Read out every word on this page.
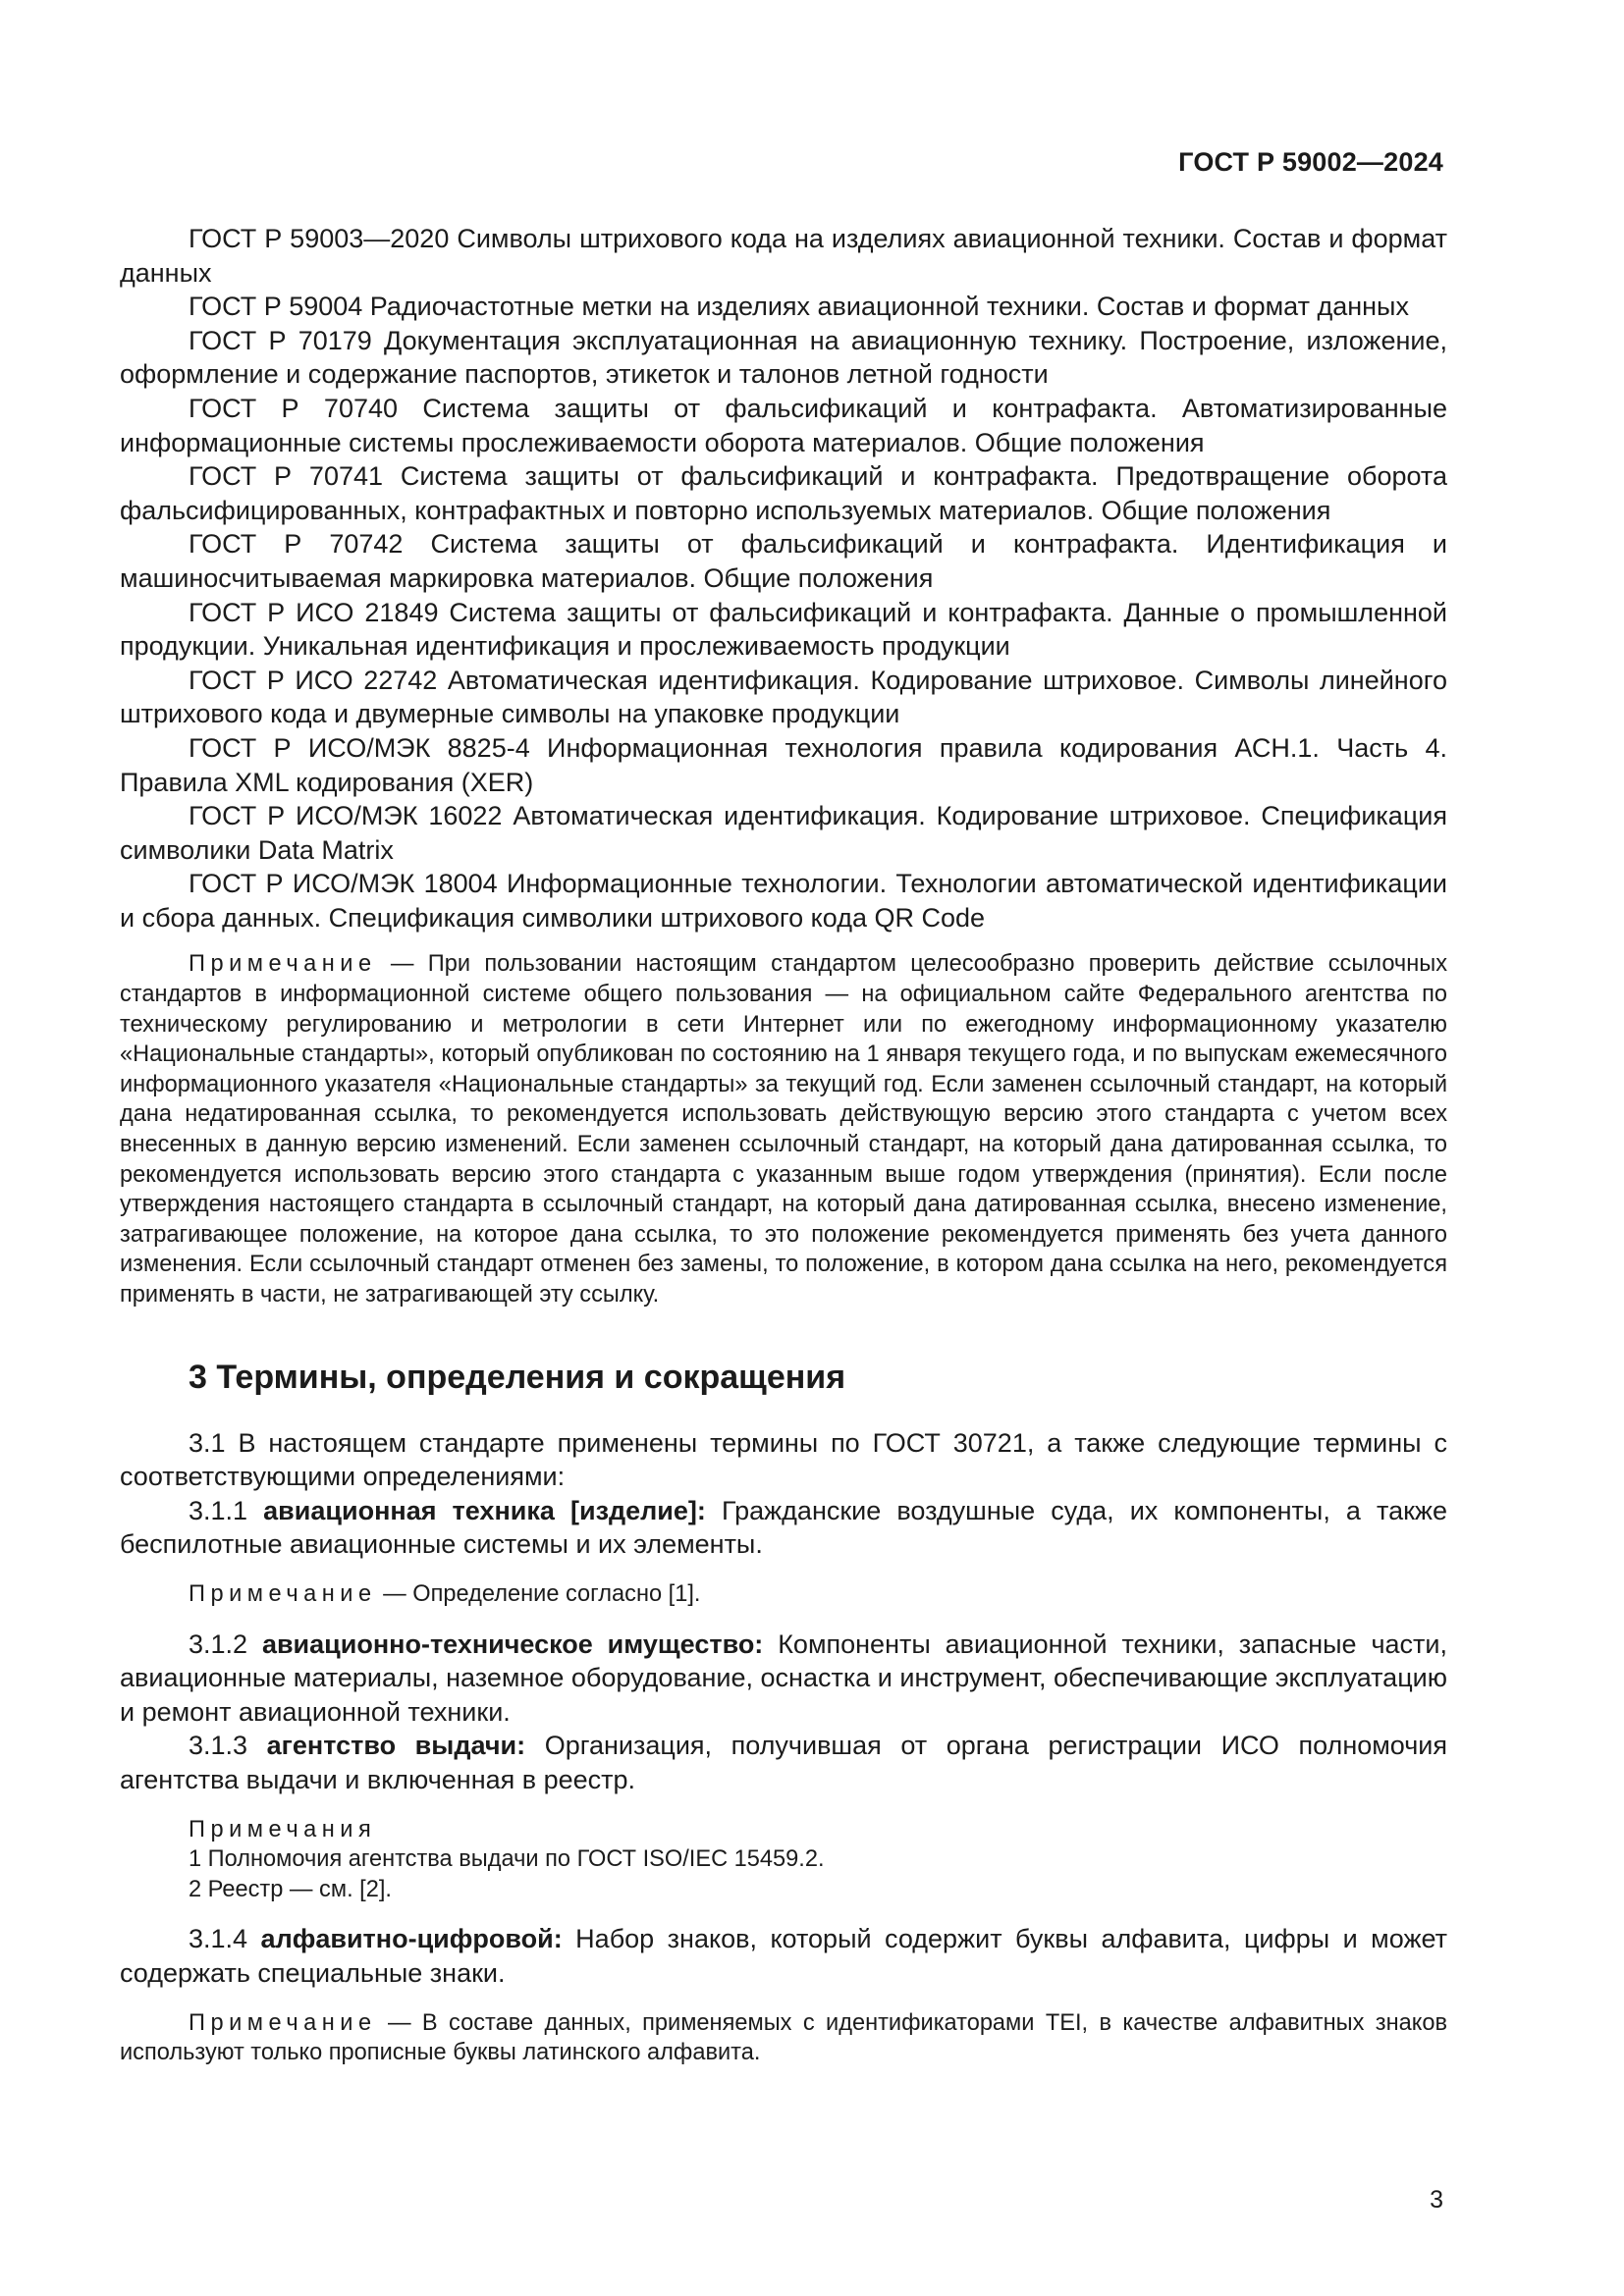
ГОСТ Р 59002—2024

ГОСТ Р 59003—2020 Символы штрихового кода на изделиях авиационной техники. Состав и формат данных

ГОСТ Р 59004 Радиочастотные метки на изделиях авиационной техники. Состав и формат данных

ГОСТ Р 70179 Документация эксплуатационная на авиационную технику. Построение, изложение, оформление и содержание паспортов, этикеток и талонов летной годности

ГОСТ Р 70740 Система защиты от фальсификаций и контрафакта. Автоматизированные информационные системы прослеживаемости оборота материалов. Общие положения

ГОСТ Р 70741 Система защиты от фальсификаций и контрафакта. Предотвращение оборота фальсифицированных, контрафактных и повторно используемых материалов. Общие положения

ГОСТ Р 70742 Система защиты от фальсификаций и контрафакта. Идентификация и машиносчитываемая маркировка материалов. Общие положения

ГОСТ Р ИСО 21849 Система защиты от фальсификаций и контрафакта. Данные о промышленной продукции. Уникальная идентификация и прослеживаемость продукции

ГОСТ Р ИСО 22742 Автоматическая идентификация. Кодирование штриховое. Символы линейного штрихового кода и двумерные символы на упаковке продукции

ГОСТ Р ИСО/МЭК 8825-4 Информационная технология правила кодирования АСН.1. Часть 4. Правила XML кодирования (XER)

ГОСТ Р ИСО/МЭК 16022 Автоматическая идентификация. Кодирование штриховое. Спецификация символики Data Matrix

ГОСТ Р ИСО/МЭК 18004 Информационные технологии. Технологии автоматической идентификации и сбора данных. Спецификация символики штрихового кода QR Code

Примечание — При пользовании настоящим стандартом целесообразно проверить действие ссылочных стандартов в информационной системе общего пользования — на официальном сайте Федерального агентства по техническому регулированию и метрологии в сети Интернет или по ежегодному информационному указателю «Национальные стандарты», который опубликован по состоянию на 1 января текущего года, и по выпускам ежемесячного информационного указателя «Национальные стандарты» за текущий год. Если заменен ссылочный стандарт, на который дана недатированная ссылка, то рекомендуется использовать действующую версию этого стандарта с учетом всех внесенных в данную версию изменений. Если заменен ссылочный стандарт, на который дана датированная ссылка, то рекомендуется использовать версию этого стандарта с указанным выше годом утверждения (принятия). Если после утверждения настоящего стандарта в ссылочный стандарт, на который дана датированная ссылка, внесено изменение, затрагивающее положение, на которое дана ссылка, то это положение рекомендуется применять без учета данного изменения. Если ссылочный стандарт отменен без замены, то положение, в котором дана ссылка на него, рекомендуется применять в части, не затрагивающей эту ссылку.

3 Термины, определения и сокращения

3.1 В настоящем стандарте применены термины по ГОСТ 30721, а также следующие термины с соответствующими определениями:

3.1.1 авиационная техника [изделие]: Гражданские воздушные суда, их компоненты, а также беспилотные авиационные системы и их элементы.

Примечание — Определение согласно [1].

3.1.2 авиационно-техническое имущество: Компоненты авиационной техники, запасные части, авиационные материалы, наземное оборудование, оснастка и инструмент, обеспечивающие эксплуатацию и ремонт авиационной техники.

3.1.3 агентство выдачи: Организация, получившая от органа регистрации ИСО полномочия агентства выдачи и включенная в реестр.

Примечания

1 Полномочия агентства выдачи по ГОСТ ISO/IEC 15459.2.

2 Реестр — см. [2].

3.1.4 алфавитно-цифровой: Набор знаков, который содержит буквы алфавита, цифры и может содержать специальные знаки.

Примечание — В составе данных, применяемых с идентификаторами TEI, в качестве алфавитных знаков используют только прописные буквы латинского алфавита.

3
